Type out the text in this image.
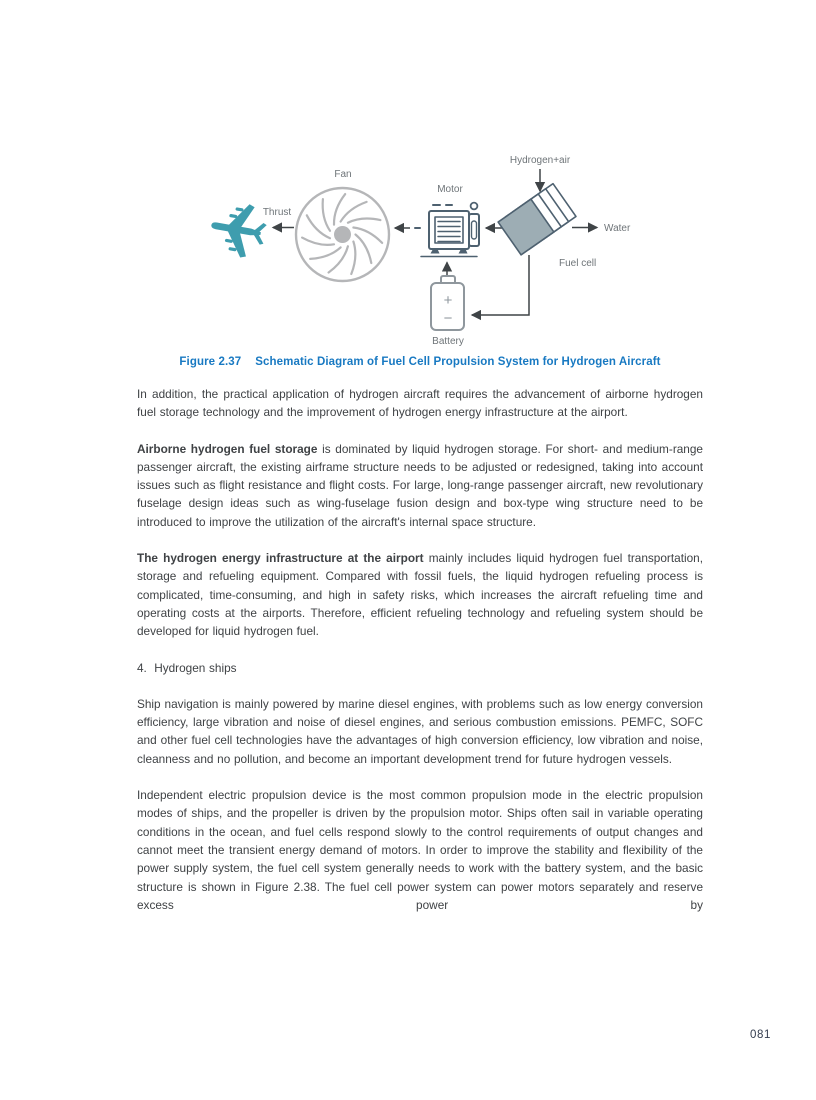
Thrust
Fan
Motor
Fuel cell
Hydrogen+air
Water
+
−
Battery
Figure 2.37 Schematic Diagram of Fuel Cell Propulsion System for Hydrogen Aircraft

In addition, the practical application of hydrogen aircraft requires the advancement of airborne hydrogen fuel storage technology and the improvement of hydrogen energy infrastructure at the airport.

Airborne hydrogen fuel storage is dominated by liquid hydrogen storage. For short- and medium-range passenger aircraft, the existing airframe structure needs to be adjusted or redesigned, taking into account issues such as flight resistance and flight costs. For large, long-range passenger aircraft, new revolutionary fuselage design ideas such as wing-fuselage fusion design and box-type wing structure need to be introduced to improve the utilization of the aircraft's internal space structure.

The hydrogen energy infrastructure at the airport mainly includes liquid hydrogen fuel transportation, storage and refueling equipment. Compared with fossil fuels, the liquid hydrogen refueling process is complicated, time-consuming, and high in safety risks, which increases the aircraft refueling time and operating costs at the airports. Therefore, efficient refueling technology and refueling system should be developed for liquid hydrogen fuel.

4.  Hydrogen ships

Ship navigation is mainly powered by marine diesel engines, with problems such as low energy conversion efficiency, large vibration and noise of diesel engines, and serious combustion emissions. PEMFC, SOFC and other fuel cell technologies have the advantages of high conversion efficiency, low vibration and noise, cleanness and no pollution, and become an important development trend for future hydrogen vessels.

Independent electric propulsion device is the most common propulsion mode in the electric propulsion modes of ships, and the propeller is driven by the propulsion motor. Ships often sail in variable operating conditions in the ocean, and fuel cells respond slowly to the control requirements of output changes and cannot meet the transient energy demand of motors. In order to improve the stability and flexibility of the power supply system, the fuel cell system generally needs to work with the battery system, and the basic structure is shown in Figure 2.38. The fuel cell power system can power motors separately and reserve excess power by

081
